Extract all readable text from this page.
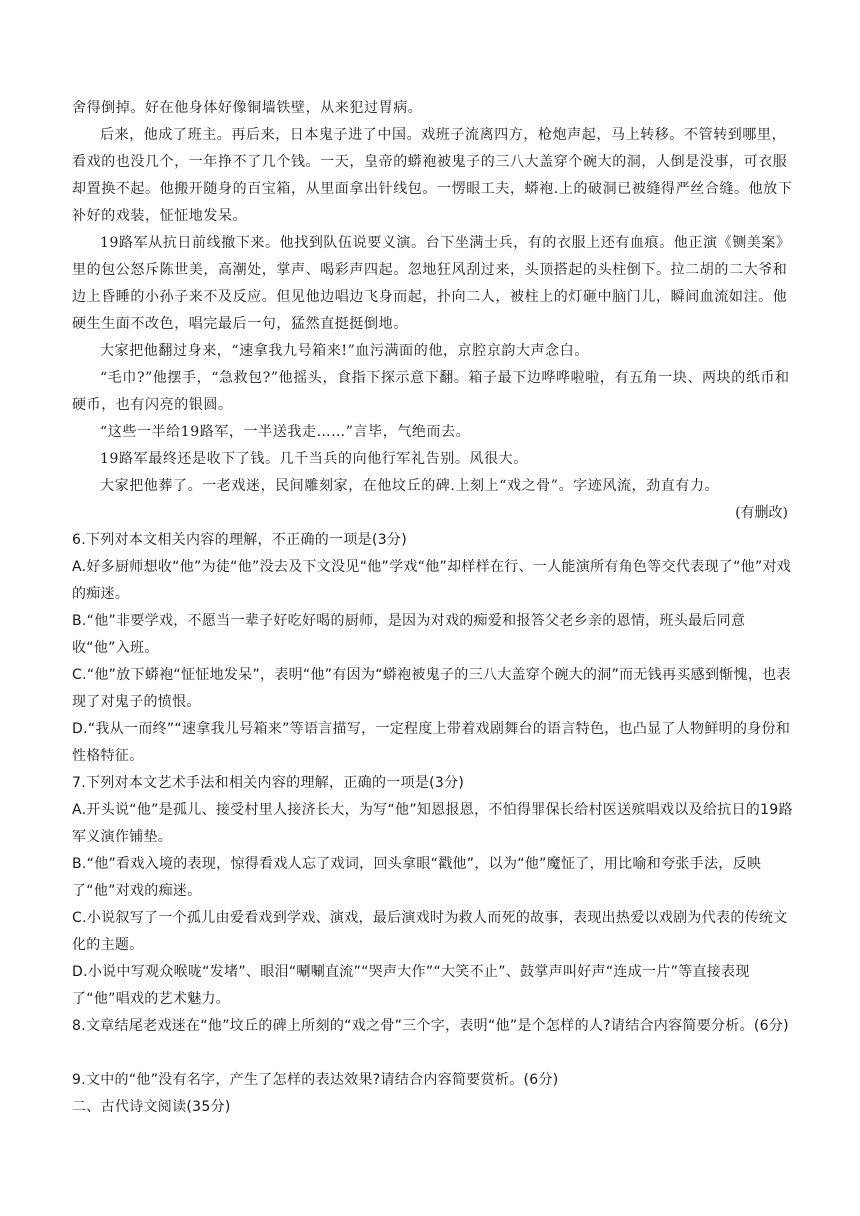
舍得倒掉。好在他身体好像铜墙铁壁，从来犯过胃病。

后来，他成了班主。再后来，日本鬼子进了中国。戏班子流离四方，枪炮声起，马上转移。不管转到哪里，看戏的也没几个，一年挣不了几个钱。一天，皇帝的蟒袍被鬼子的三八大盖穿个碗大的洞，人倒是没事，可衣服却置换不起。他搬开随身的百宝箱，从里面拿出针线包。一愣眼工夫，蟒袍.上的破洞已被缝得严丝合缝。他放下补好的戏装，怔怔地发呆。

19路军从抗日前线撤下来。他找到队伍说要义演。台下坐满士兵，有的衣服上还有血痕。他正演《铡美案》里的包公怒斥陈世美，高潮处，掌声、喝彩声四起。忽地狂风刮过来，头顶搭起的头柱倒下。拉二胡的二大爷和边上昏睡的小孙子来不及反应。但见他边唱边飞身而起，扑向二人，被柱上的灯砸中脑门儿，瞬间血流如注。他硬生生面不改色，唱完最后一句，猛然直挺挺倒地。

大家把他翻过身来，“速拿我九号箱来!”血污满面的他，京腔京韵大声念白。

“毛巾?”他摆手，“急救包?”他摇头，食指下探示意下翻。箱子最下边哗哗啦啦，有五角一块、两块的纸币和硬币，也有闪亮的银圆。

“这些一半给19路军，一半送我走……”言毕，气绝而去。

19路军最终还是收下了钱。几千当兵的向他行军礼告别。风很大。

大家把他葬了。一老戏迷，民间雕刻家，在他坟丘的碑.上刻上“戏之骨”。字迹风流，劲直有力。

(有删改)

6.下列对本文相关内容的理解，不正确的一项是(3分)

A.好多厨师想收“他”为徒“他”没去及下文没见“他”学戏“他”却样样在行、一人能演所有角色等交代表现了“他”对戏的痴迷。

B.“他”非要学戏，不愿当一辈子好吃好喝的厨师，是因为对戏的痴爱和报答父老乡亲的恩情，班头最后同意收“他”入班。

C.“他”放下蟒袍“怔怔地发呆”，表明“他”有因为“蟒袍被鬼子的三八大盖穿个碗大的洞”而无钱再买感到惭愧，也表现了对鬼子的愤恨。

D.“我从一而终”“速拿我儿号箱来”等语言描写，一定程度上带着戏剧舞台的语言特色，也凸显了人物鲜明的身份和性格特征。

7.下列对本文艺术手法和相关内容的理解，正确的一项是(3分)

A.开头说“他”是孤儿、接受村里人接济长大，为写“他”知恩报恩，不怕得罪保长给村医送殡唱戏以及给抗日的19路军义演作铺垫。

B.“他”看戏入境的表现，惊得看戏人忘了戏词，回头拿眼“戳他”，以为“他”魔怔了，用比喻和夸张手法，反映了“他”对戏的痴迷。

C.小说叙写了一个孤儿由爱看戏到学戏、演戏，最后演戏时为救人而死的故事，表现出热爱以戏剧为代表的传统文化的主题。

D.小说中写观众喉咙“发堵”、眼泪“唰唰直流”“哭声大作”“大笑不止”、鼓掌声叫好声“连成一片”等直接表现了“他”唱戏的艺术魅力。

8.文章结尾老戏迷在“他”坟丘的碑上所刻的“戏之骨”三个字，表明“他”是个怎样的人?请结合内容简要分析。(6分)

9.文中的“他”没有名字，产生了怎样的表达效果?请结合内容简要赏析。(6分)

二、古代诗文阅读(35分)
